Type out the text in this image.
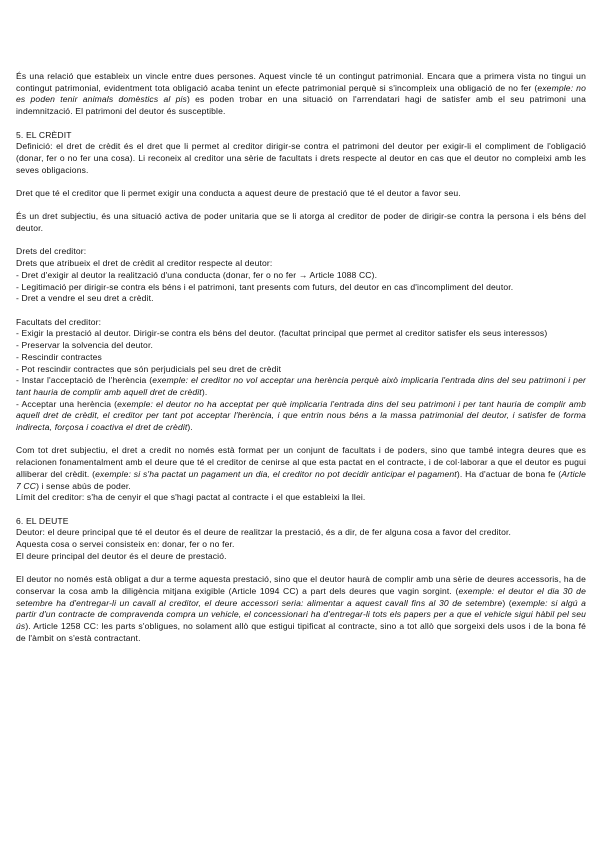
És una relació que estableix un vincle entre dues persones. Aquest vincle té un contingut patrimonial. Encara que a primera vista no tingui un contingut patrimonial, evidentment tota obligació acaba tenint un efecte patrimonial perquè si s'incompleix una obligació de no fer (exemple: no es poden tenir animals domèstics al pis) es poden trobar en una situació on l'arrendatari hagi de satisfer amb el seu patrimoni una indemnització. El patrimoni del deutor és susceptible.

5. EL CRÈDIT

Definició: el dret de crèdit és el dret que li permet al creditor dirigir-se contra el patrimoni del deutor per exigir-li el compliment de l'obligació (donar, fer o no fer una cosa). Li reconeix al creditor una sèrie de facultats i drets respecte al deutor en cas que el deutor no compleixi amb les seves obligacions.

Dret que té el creditor que li permet exigir una conducta a aquest deure de prestació que té el deutor a favor seu.

És un dret subjectiu, és una situació activa de poder unitaria que se li atorga al creditor de poder de dirigir-se contra la persona i els béns del deutor.

Drets del creditor:

Drets que atribueix el dret de crèdit al creditor respecte al deutor:

- Dret d'exigir al deutor la realització d'una conducta (donar, fer o no fer → Article 1088 CC).

- Legitimació per dirigir-se contra els béns i el patrimoni, tant presents com futurs, del deutor en cas d'incompliment del deutor.

- Dret a vendre el seu dret a crèdit.

Facultats del creditor:

- Exigir la prestació al deutor. Dirigir-se contra els béns del deutor. (facultat principal que permet al creditor satisfer els seus interessos)

- Preservar la solvencia del deutor.

- Rescindir contractes

- Pot rescindir contractes que són perjudicials pel seu dret de crèdit

- Instar l'acceptació de l'herència (exemple: el creditor no vol acceptar una herència perquè això implicaria l'entrada dins del seu patrimoni i per tant hauria de complir amb aquell dret de crèdit).

- Acceptar una herència (exemple: el deutor no ha acceptat per què implicaria l'entrada dins del seu patrimoni i per tant hauria de complir amb aquell dret de crèdit, el creditor per tant pot acceptar l'herència, i que entrin nous béns a la massa patrimonial del deutor, i satisfer de forma indirecta, forçosa i coactiva el dret de crèdit).

Com tot dret subjectiu, el dret a credit no només està format per un conjunt de facultats i de poders, sino que també integra deures que es relacionen fonamentalment amb el deure que té el creditor de cenirse al que esta pactat en el contracte, i de col·laborar a que el deutor es pugui alliberar del crèdit. (exemple: si s'ha pactat un pagament un dia, el creditor no pot decidir anticipar el pagament). Ha d'actuar de bona fe (Article 7 CC) i sense abús de poder.

Límit del creditor: s'ha de cenyir el que s'hagi pactat al contracte i el que estableixi la llei.

6. EL DEUTE

Deutor: el deure principal que té el deutor és el deure de realitzar la prestació, és a dir, de fer alguna cosa a favor del creditor.

Aquesta cosa o servei consisteix en: donar, fer o no fer.

El deure principal del deutor és el deure de prestació.

El deutor no només està obligat a dur a terme aquesta prestació, sino que el deutor haurà de complir amb una sèrie de deures accessoris, ha de conservar la cosa amb la diligència mitjana exigible (Article 1094 CC) a part dels deures que vagin sorgint. (exemple: el deutor el dia 30 de setembre ha d'entregar-li un cavall al creditor, el deure accessori seria: alimentar a aquest cavall fins al 30 de setembre) (exemple: si algú a partir d'un contracte de compravenda compra un vehicle, el concessionari ha d'entregar-li tots els papers per a que el vehicle sigui hàbil pel seu ús). Article 1258 CC: les parts s'obligues, no solament allò que estigui tipificat al contracte, sino a tot allò que sorgeixi dels usos i de la bona fé de l'àmbit on s'està contractant.
